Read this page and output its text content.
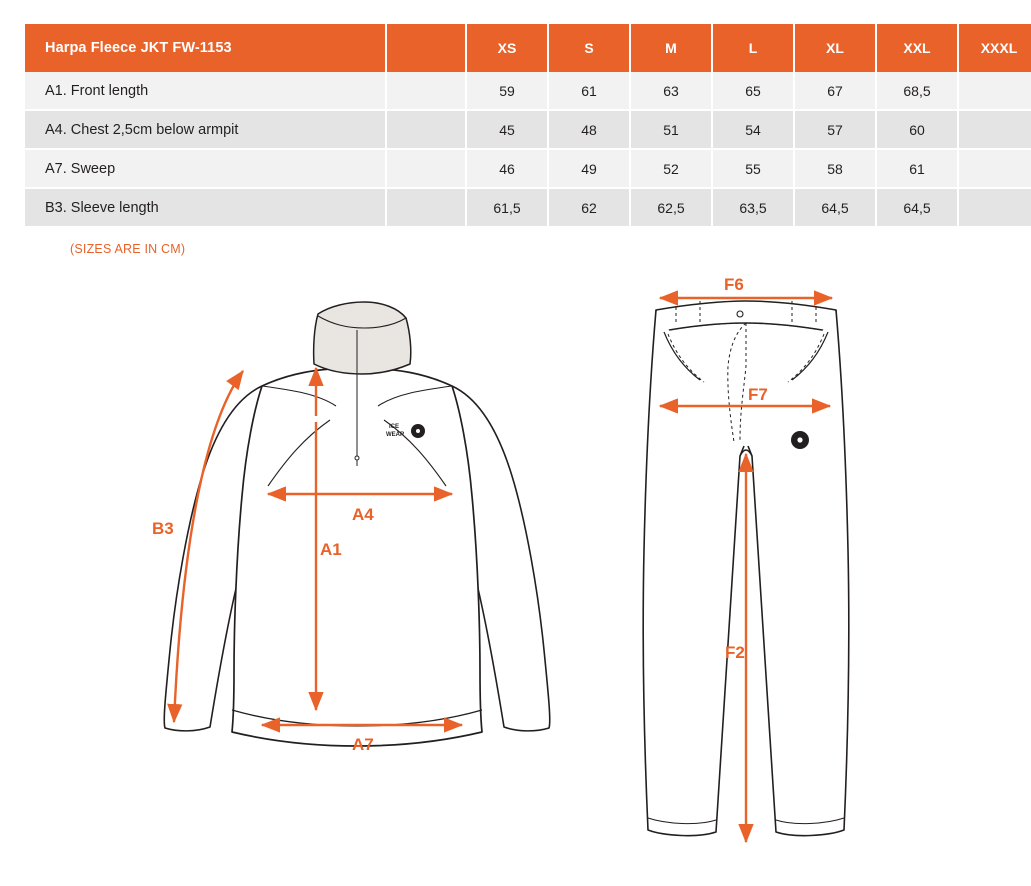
Harpa Fleece JKT FW-1153		XS	S	M	L	XL	XXL	XXXL
A1. Front length		59	61	63	65	67	68,5	
A4. Chest 2,5cm below armpit		45	48	51	54	57	60	
A7. Sweep		46	49	52	55	58	61	
B3. Sleeve length		61,5	62	62,5	63,5	64,5	64,5	
(SIZES ARE IN CM)
ICE
WEAR
B3
A4
A1
A7
F6
F7
F2
